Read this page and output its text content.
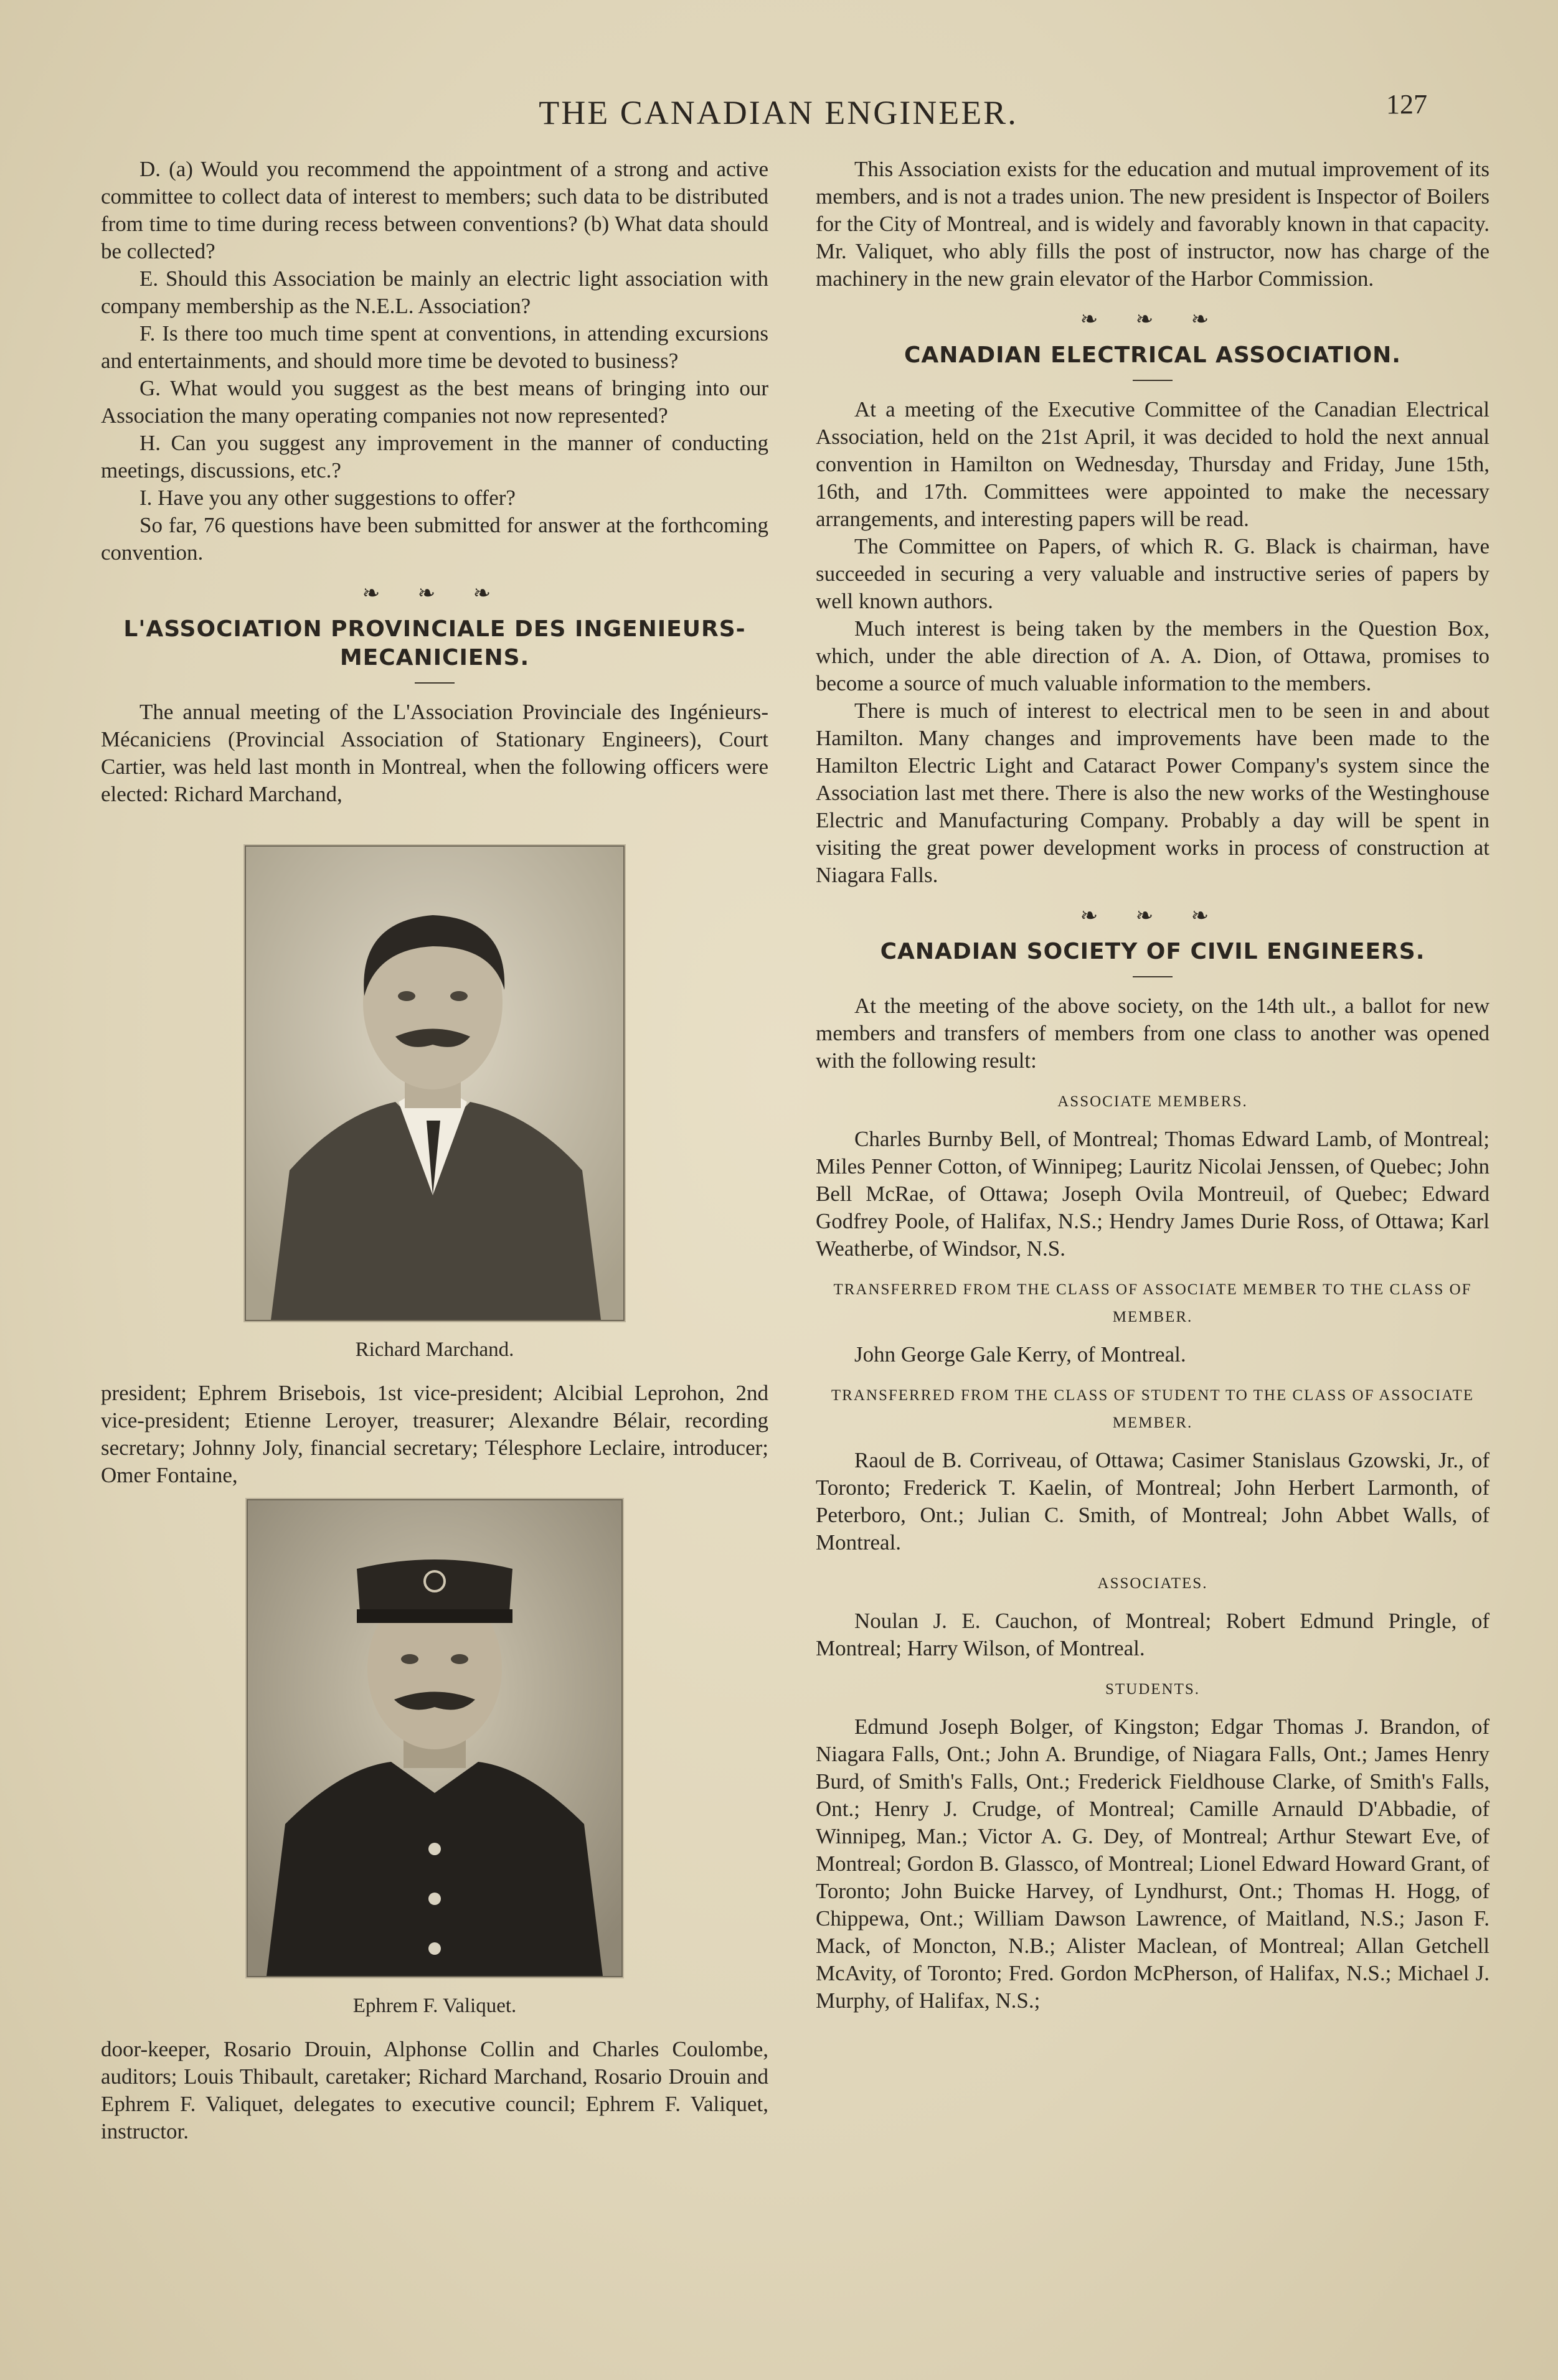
THE CANADIAN ENGINEER.	127

D. (a) Would you recommend the appointment of a strong and active committee to collect data of interest to members; such data to be distributed from time to time during recess between conventions? (b) What data should be collected?

E. Should this Association be mainly an electric light association with company membership as the N.E.L. Association?

F. Is there too much time spent at conventions, in attending excursions and entertainments, and should more time be devoted to business?

G. What would you suggest as the best means of bringing into our Association the many operating companies not now represented?

H. Can you suggest any improvement in the manner of conducting meetings, discussions, etc.?

I. Have you any other suggestions to offer?

So far, 76 questions have been submitted for answer at the forthcoming convention.

❧ ❧ ❧
L'ASSOCIATION PROVINCIALE DES INGENIEURS-MECANICIENS.

The annual meeting of the L'Association Provinciale des Ingénieurs-Mécaniciens (Provincial Association of Stationary Engineers), Court Cartier, was held last month in Montreal, when the following officers were elected: Richard Marchand,

Richard Marchand.

president; Ephrem Brisebois, 1st vice-president; Alcibial Leprohon, 2nd vice-president; Etienne Leroyer, treasurer; Alexandre Bélair, recording secretary; Johnny Joly, financial secretary; Télesphore Leclaire, introducer; Omer Fontaine,

Ephrem F. Valiquet.

door-keeper, Rosario Drouin, Alphonse Collin and Charles Coulombe, auditors; Louis Thibault, caretaker; Richard Marchand, Rosario Drouin and Ephrem F. Valiquet, delegates to executive council; Ephrem F. Valiquet, instructor.

This Association exists for the education and mutual improvement of its members, and is not a trades union. The new president is Inspector of Boilers for the City of Montreal, and is widely and favorably known in that capacity. Mr. Valiquet, who ably fills the post of instructor, now has charge of the machinery in the new grain elevator of the Harbor Commission.

❧ ❧ ❧
CANADIAN ELECTRICAL ASSOCIATION.

At a meeting of the Executive Committee of the Canadian Electrical Association, held on the 21st April, it was decided to hold the next annual convention in Hamilton on Wednesday, Thursday and Friday, June 15th, 16th, and 17th. Committees were appointed to make the necessary arrangements, and interesting papers will be read.

The Committee on Papers, of which R. G. Black is chairman, have succeeded in securing a very valuable and instructive series of papers by well known authors.

Much interest is being taken by the members in the Question Box, which, under the able direction of A. A. Dion, of Ottawa, promises to become a source of much valuable information to the members.

There is much of interest to electrical men to be seen in and about Hamilton. Many changes and improvements have been made to the Hamilton Electric Light and Cataract Power Company's system since the Association last met there. There is also the new works of the Westinghouse Electric and Manufacturing Company. Probably a day will be spent in visiting the great power development works in process of construction at Niagara Falls.

❧ ❧ ❧
CANADIAN SOCIETY OF CIVIL ENGINEERS.

At the meeting of the above society, on the 14th ult., a ballot for new members and transfers of members from one class to another was opened with the following result:

ASSOCIATE MEMBERS.

Charles Burnby Bell, of Montreal; Thomas Edward Lamb, of Montreal; Miles Penner Cotton, of Winnipeg; Lauritz Nicolai Jenssen, of Quebec; John Bell McRae, of Ottawa; Joseph Ovila Montreuil, of Quebec; Edward Godfrey Poole, of Halifax, N.S.; Hendry James Durie Ross, of Ottawa; Karl Weatherbe, of Windsor, N.S.

TRANSFERRED FROM THE CLASS OF ASSOCIATE MEMBER TO THE CLASS OF MEMBER.

John George Gale Kerry, of Montreal.

TRANSFERRED FROM THE CLASS OF STUDENT TO THE CLASS OF ASSOCIATE MEMBER.

Raoul de B. Corriveau, of Ottawa; Casimer Stanislaus Gzowski, Jr., of Toronto; Frederick T. Kaelin, of Montreal; John Herbert Larmonth, of Peterboro, Ont.; Julian C. Smith, of Montreal; John Abbet Walls, of Montreal.

ASSOCIATES.

Noulan J. E. Cauchon, of Montreal; Robert Edmund Pringle, of Montreal; Harry Wilson, of Montreal.

STUDENTS.

Edmund Joseph Bolger, of Kingston; Edgar Thomas J. Brandon, of Niagara Falls, Ont.; John A. Brundige, of Niagara Falls, Ont.; James Henry Burd, of Smith's Falls, Ont.; Frederick Fieldhouse Clarke, of Smith's Falls, Ont.; Henry J. Crudge, of Montreal; Camille Arnauld D'Abbadie, of Winnipeg, Man.; Victor A. G. Dey, of Montreal; Arthur Stewart Eve, of Montreal; Gordon B. Glassco, of Montreal; Lionel Edward Howard Grant, of Toronto; John Buicke Harvey, of Lyndhurst, Ont.; Thomas H. Hogg, of Chippewa, Ont.; William Dawson Lawrence, of Maitland, N.S.; Jason F. Mack, of Moncton, N.B.; Alister Maclean, of Montreal; Allan Getchell McAvity, of Toronto; Fred. Gordon McPherson, of Halifax, N.S.; Michael J. Murphy, of Halifax, N.S.;
